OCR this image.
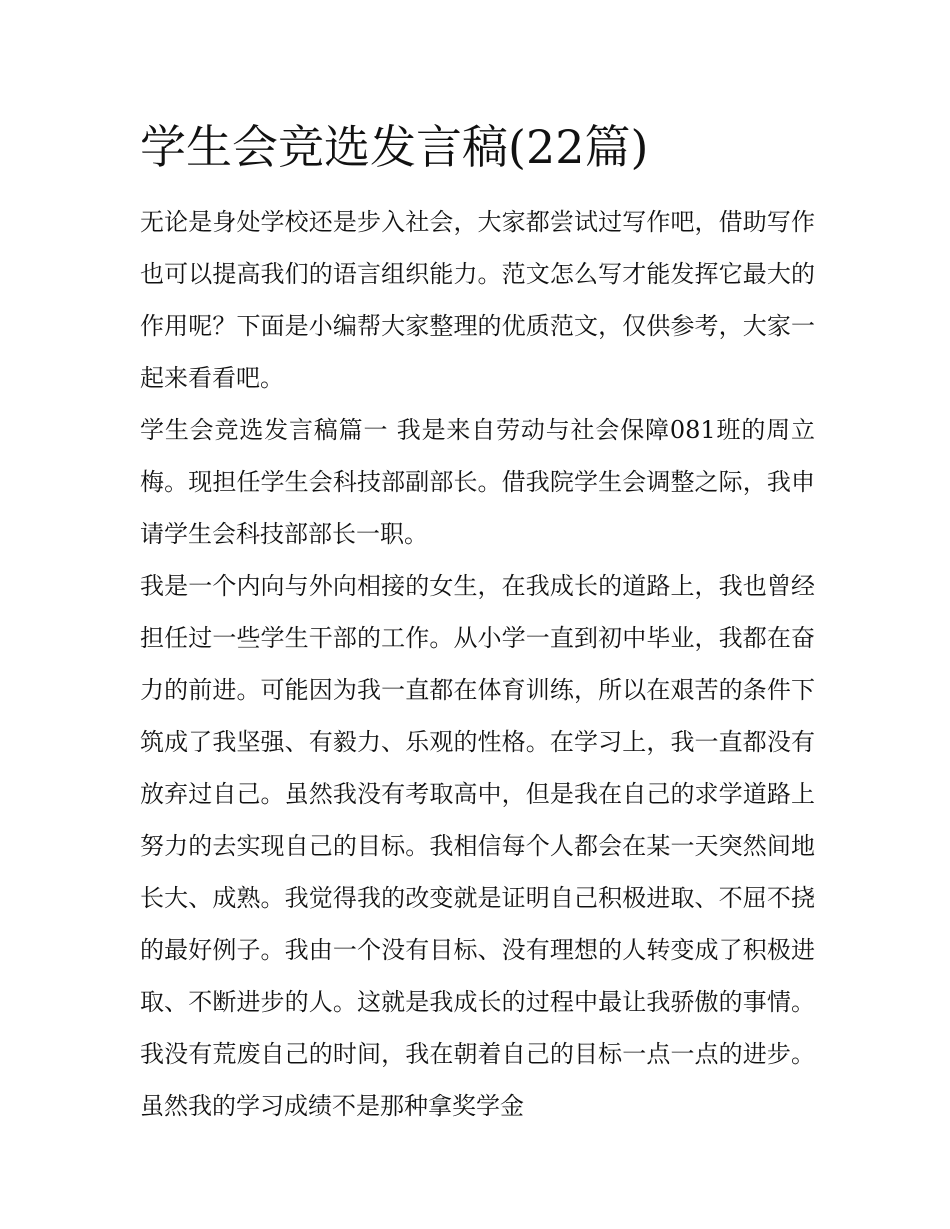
学生会竞选发言稿(22篇)

无论是身处学校还是步入社会，大家都尝试过写作吧，借助写作也可以提高我们的语言组织能力。范文怎么写才能发挥它最大的作用呢？下面是小编帮大家整理的优质范文，仅供参考，大家一起来看看吧。

学生会竞选发言稿篇一 我是来自劳动与社会保障081班的周立梅。现担任学生会科技部副部长。借我院学生会调整之际，我申请学生会科技部部长一职。

我是一个内向与外向相接的女生，在我成长的道路上，我也曾经担任过一些学生干部的工作。从小学一直到初中毕业，我都在奋力的前进。可能因为我一直都在体育训练，所以在艰苦的条件下筑成了我坚强、有毅力、乐观的性格。在学习上，我一直都没有放弃过自己。虽然我没有考取高中，但是我在自己的求学道路上努力的去实现自己的目标。我相信每个人都会在某一天突然间地长大、成熟。我觉得我的改变就是证明自己积极进取、不屈不挠的最好例子。我由一个没有目标、没有理想的人转变成了积极进取、不断进步的人。这就是我成长的过程中最让我骄傲的事情。我没有荒废自己的时间，我在朝着自己的目标一点一点的进步。虽然我的学习成绩不是那种拿奖学金
